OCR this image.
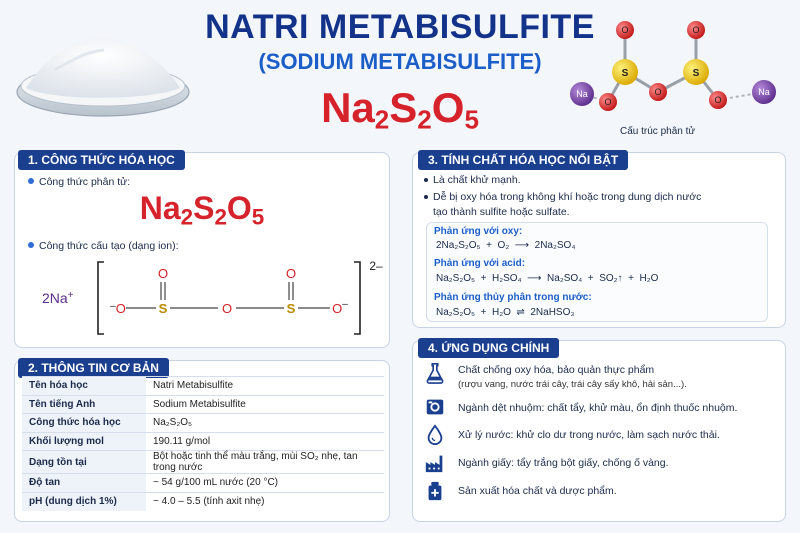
NATRI METABISULFITE
(SODIUM METABISULFITE)
$Na_2S_2O_5$
O	O
O
O
O
S	S
Na	Na
Cấu trúc phân tử
1. CÔNG THỨC HÓA HỌC
Công thức phân tử:
$Na_2S_2O_5$
Công thức cấu tạo (dạng ion):
2Na+
–O	S	O	S
O	O
O–
2–
2. THÔNG TIN CƠ BẢN
Tên hóa học	Natri Metabisulfite
Tên tiếng Anh	Sodium Metabisulfite
Công thức hóa học	Na₂S₂O₅
Khối lượng mol	190.11 g/mol
Dạng tồn tại	Bột hoặc tinh thể màu trắng, mùi SO₂ nhẹ, tan trong nước
Độ tan	~ 54 g/100 mL nước (20 °C)
pH (dung dịch 1%)	~ 4.0 – 5.5 (tính axit nhẹ)
3. TÍNH CHẤT HÓA HỌC NỔI BẬT
Là chất khử mạnh.
Dễ bị oxy hóa trong không khí hoặc trong dung dịch nước
tạo thành sulfite hoặc sulfate.
Phản ứng với oxy:
2Na₂S₂O₅  +  O₂  ⟶  2Na₂SO₄
Phản ứng với acid:
Na₂S₂O₅  +  H₂SO₄  ⟶  Na₂SO₄  +  SO₂↑  +  H₂O
Phản ứng thủy phân trong nước:
Na₂S₂O₅  +  H₂O  ⇌  2NaHSO₃
4. ỨNG DỤNG CHÍNH
Chất chống oxy hóa, bảo quản thực phẩm
(rượu vang, nước trái cây, trái cây sấy khô, hải sản...).
Ngành dệt nhuộm: chất tẩy, khử màu, ổn định thuốc nhuộm.
Xử lý nước: khử clo dư trong nước, làm sạch nước thải.
Ngành giấy: tẩy trắng bột giấy, chống ố vàng.
Sản xuất hóa chất và dược phẩm.
